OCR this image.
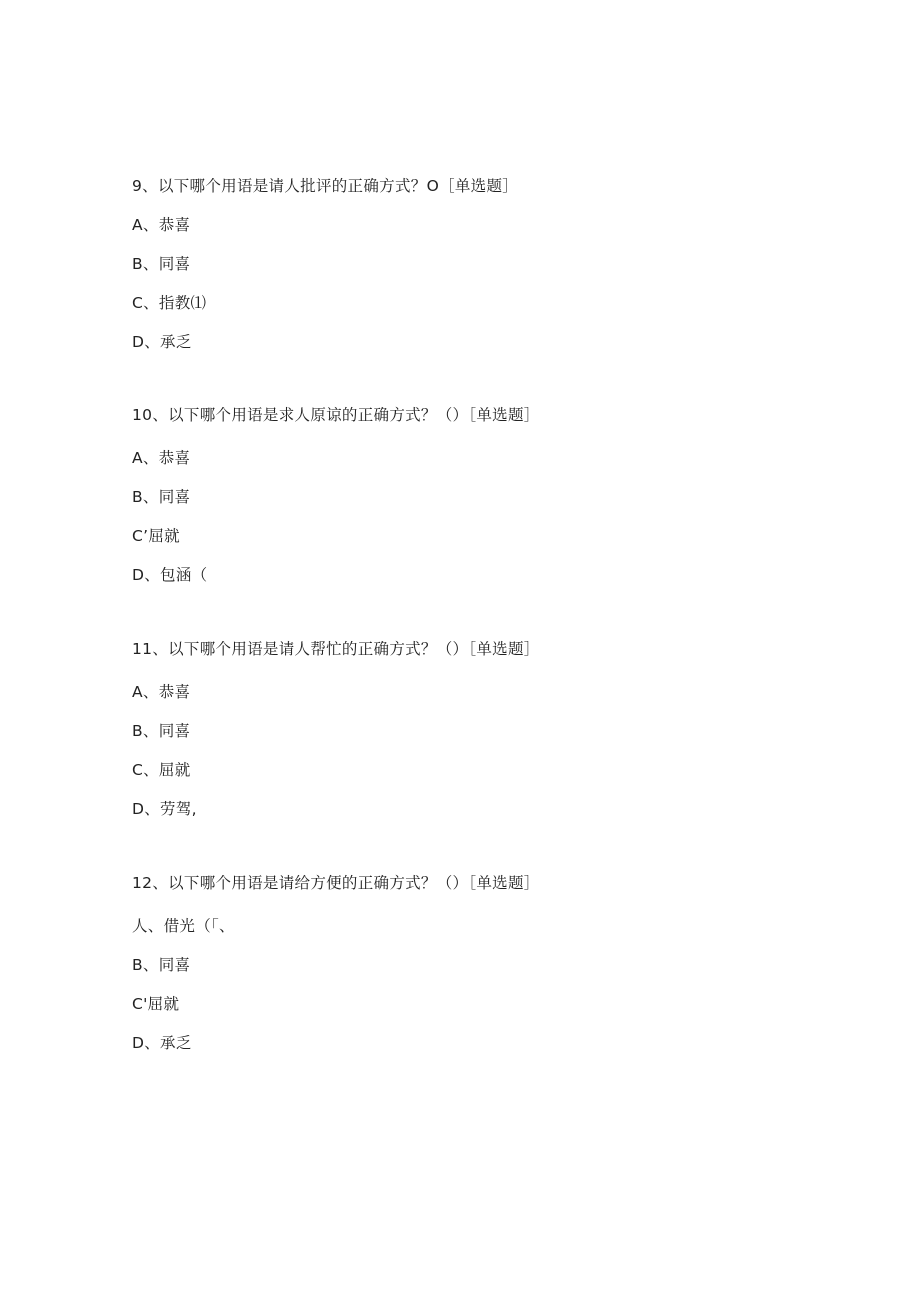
9、以下哪个用语是请人批评的正确方式？O［单选题］
A、恭喜
B、同喜
C、指教⑴
D、承乏
10、以下哪个用语是求人原谅的正确方式？（）［单选题］
A、恭喜
B、同喜
C’屈就
D、包涵（
11、以下哪个用语是请人帮忙的正确方式？（）［单选题］
A、恭喜
B、同喜
C、屈就
D、劳驾,
12、以下哪个用语是请给方便的正确方式？（）［单选题］
人、借光（「、
B、同喜
C'屈就
D、承乏
